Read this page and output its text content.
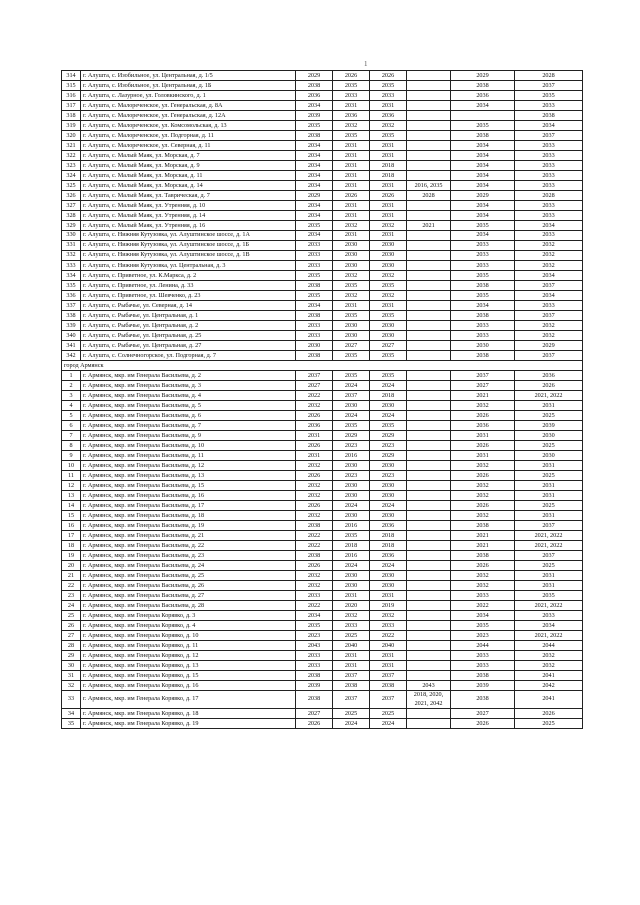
1
314	г. Алушта, с. Изобильное, ул. Центральная, д. 1/5	2029	2026	2026		2029	2028
315	г. Алушта, с. Изобильное, ул. Центральная, д. 1Б	2038	2035	2035		2038	2037
316	г. Алушта, с. Лазурное, ул. Головкинского, д. 1	2036	2033	2033		2036	2035
317	г. Алушта, с. Малореченское, ул. Генеральская, д. 8А	2034	2031	2031		2034	2033
318	г. Алушта, с. Малореченское, ул. Генеральская, д. 12А	2039	2036	2036			2038
319	г. Алушта, с. Малореченское, ул. Комсомольская, д. 13	2035	2032	2032		2035	2034
320	г. Алушта, с. Малореченское, ул. Подгорная, д. 11	2038	2035	2035		2038	2037
321	г. Алушта, с. Малореченское, ул. Северная, д. 11	2034	2031	2031		2034	2033
322	г. Алушта, с. Малый Маяк, ул. Морская, д. 7	2034	2031	2031		2034	2033
323	г. Алушта, с. Малый Маяк, ул. Морская, д. 9	2034	2031	2018		2034	2033
324	г. Алушта, с. Малый Маяк, ул. Морская, д. 11	2034	2031	2018		2034	2033
325	г. Алушта, с. Малый Маяк, ул. Морская, д. 14	2034	2031	2031	2016, 2035	2034	2033
326	г. Алушта, с. Малый Маяк, ул. Таврическая, д. 7	2029	2026	2026	2028	2029	2028
327	г. Алушта, с. Малый Маяк, ул. Утренняя, д. 10	2034	2031	2031		2034	2033
328	г. Алушта, с. Малый Маяк, ул. Утренняя, д. 14	2034	2031	2031		2034	2033
329	г. Алушта, с. Малый Маяк, ул. Утренняя, д. 16	2035	2032	2032	2021	2035	2034
330	г. Алушта, с. Нижняя Кутузовка, ул. Алуштинское шоссе, д. 1А	2034	2031	2031		2034	2033
331	г. Алушта, с. Нижняя Кутузовка, ул. Алуштинское шоссе, д. 1Б	2033	2030	2030		2033	2032
332	г. Алушта, с. Нижняя Кутузовка, ул. Алуштинское шоссе, д. 1В	2033	2030	2030		2033	2032
333	г. Алушта, с. Нижняя Кутузовка, ул. Центральная, д. 3	2033	2030	2030		2033	2032
334	г. Алушта, с. Приветное, ул. К.Маркса, д. 2	2035	2032	2032		2035	2034
335	г. Алушта, с. Приветное, ул. Ленина, д. 33	2038	2035	2035		2038	2037
336	г. Алушта, с. Приветное, ул. Шевченко, д. 23	2035	2032	2032		2035	2034
337	г. Алушта, с. Рыбачье, ул. Северная, д. 14	2034	2031	2031		2034	2033
338	г. Алушта, с. Рыбачье, ул. Центральная, д. 1	2038	2035	2035		2038	2037
339	г. Алушта, с. Рыбачье, ул. Центральная, д. 2	2033	2030	2030		2033	2032
340	г. Алушта, с. Рыбачье, ул. Центральная, д. 25	2033	2030	2030		2033	2032
341	г. Алушта, с. Рыбачье, ул. Центральная, д. 27	2030	2027	2027		2030	2029
342	г. Алушта, с. Солнечногорское, ул. Подгорная, д. 7	2038	2035	2035		2038	2037
город Армянск							
1	г. Армянск, мкр. им Генерала Васильева, д. 2	2037	2035	2035		2037	2036
2	г. Армянск, мкр. им Генерала Васильева, д. 3	2027	2024	2024		2027	2026
3	г. Армянск, мкр. им Генерала Васильева, д. 4	2022	2037	2018		2021	2021, 2022
4	г. Армянск, мкр. им Генерала Васильева, д. 5	2032	2030	2030		2032	2031
5	г. Армянск, мкр. им Генерала Васильева, д. 6	2026	2024	2024		2026	2025
6	г. Армянск, мкр. им Генерала Васильева, д. 7	2036	2035	2035		2036	2039
7	г. Армянск, мкр. им Генерала Васильева, д. 9	2031	2029	2029		2031	2030
8	г. Армянск, мкр. им Генерала Васильева, д. 10	2026	2023	2023		2026	2025
9	г. Армянск, мкр. им Генерала Васильева, д. 11	2031	2016	2029		2031	2030
10	г. Армянск, мкр. им Генерала Васильева, д. 12	2032	2030	2030		2032	2031
11	г. Армянск, мкр. им Генерала Васильева, д. 13	2026	2023	2023		2026	2025
12	г. Армянск, мкр. им Генерала Васильева, д. 15	2032	2030	2030		2032	2031
13	г. Армянск, мкр. им Генерала Васильева, д. 16	2032	2030	2030		2032	2031
14	г. Армянск, мкр. им Генерала Васильева, д. 17	2026	2024	2024		2026	2025
15	г. Армянск, мкр. им Генерала Васильева, д. 18	2032	2030	2030		2032	2031
16	г. Армянск, мкр. им Генерала Васильева, д. 19	2038	2016	2036		2038	2037
17	г. Армянск, мкр. им Генерала Васильева, д. 21	2022	2035	2018		2021	2021, 2022
18	г. Армянск, мкр. им Генерала Васильева, д. 22	2022	2018	2018		2021	2021, 2022
19	г. Армянск, мкр. им Генерала Васильева, д. 23	2038	2016	2036		2038	2037
20	г. Армянск, мкр. им Генерала Васильева, д. 24	2026	2024	2024		2026	2025
21	г. Армянск, мкр. им Генерала Васильева, д. 25	2032	2030	2030		2032	2031
22	г. Армянск, мкр. им Генерала Васильева, д. 26	2032	2030	2030		2032	2031
23	г. Армянск, мкр. им Генерала Васильева, д. 27	2033	2031	2031		2033	2035
24	г. Армянск, мкр. им Генерала Васильева, д. 28	2022	2020	2019		2022	2021, 2022
25	г. Армянск, мкр. им Генерала Корявко, д. 3	2034	2032	2032		2034	2033
26	г. Армянск, мкр. им Генерала Корявко, д. 4	2035	2033	2033		2035	2034
27	г. Армянск, мкр. им Генерала Корявко, д. 10	2023	2025	2022		2023	2021, 2022
28	г. Армянск, мкр. им Генерала Корявко, д. 11	2043	2040	2040		2044	2044
29	г. Армянск, мкр. им Генерала Корявко, д. 12	2033	2031	2031		2033	2032
30	г. Армянск, мкр. им Генерала Корявко, д. 13	2033	2031	2031		2033	2032
31	г. Армянск, мкр. им Генерала Корявко, д. 15	2038	2037	2037		2038	2041
32	г. Армянск, мкр. им Генерала Корявко, д. 16	2039	2038	2038	2043	2039	2042
33	г. Армянск, мкр. им Генерала Корявко, д. 17	2038	2037	2037	2018, 2020, 2021, 2042	2038	2041
34	г. Армянск, мкр. им Генерала Корявко, д. 18	2027	2025	2025		2027	2026
35	г. Армянск, мкр. им Генерала Корявко, д. 19	2026	2024	2024		2026	2025
